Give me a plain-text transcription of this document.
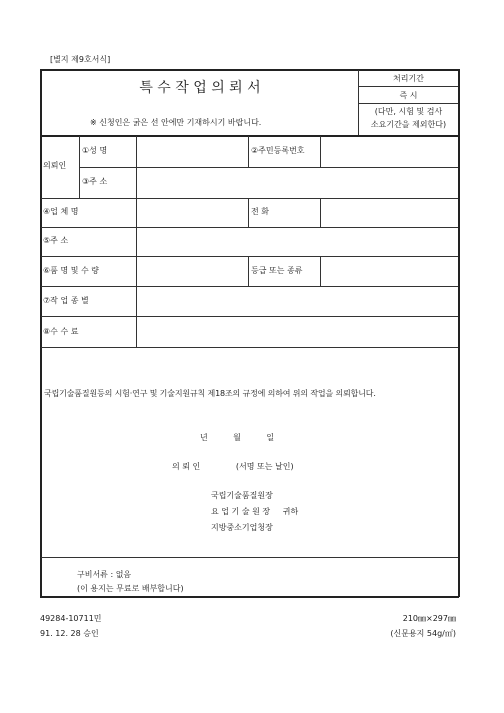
[별지 제9호서식]
특 수 작 업 의 뢰 서
※ 신청인은 굵은 선 안에만 기재하시기 바랍니다.
처리기간
즉 시
(다만, 시험 및 검사
소요기간을 제외한다)
의뢰인
①성 명	②주민등록번호
③주 소
④업 체 명	전 화
⑤주 소
⑥품 명 및 수 량	등급 또는 종류
⑦작 업 종 별
⑧수 수 료
국립기술품질원등의 시험·연구 및 기술지원규칙 제18조의 규정에 의하여 위의 작업을 의뢰합니다.
년          월          일
의 뢰 인              (서명 또는 날인)
국립기술품질원장
요 업 기 술 원 장     귀하
지방중소기업청장
구비서류 : 없음
(이 용지는 무료로 배부합니다)
49284-10711민
91. 12. 28 승인
210㎜×297㎜
(신문용지 54g/㎡)
